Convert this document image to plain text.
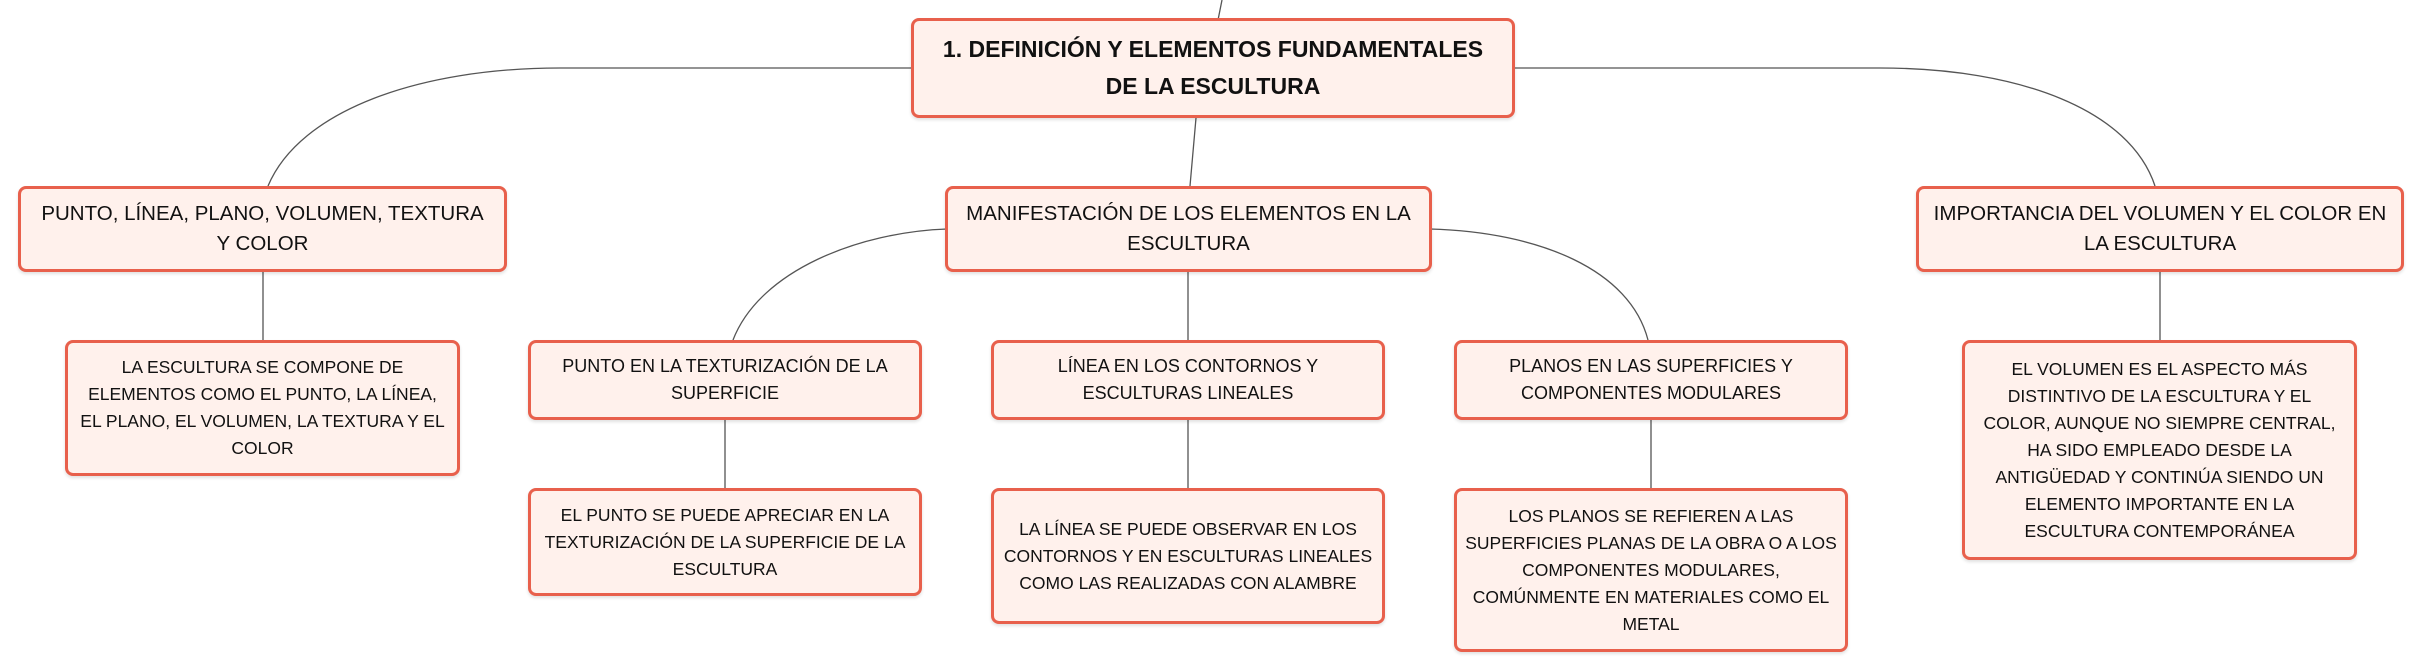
1. DEFINICIÓN Y ELEMENTOS FUNDAMENTALES DE LA ESCULTURA
PUNTO, LÍNEA, PLANO, VOLUMEN, TEXTURA Y COLOR
MANIFESTACIÓN DE LOS ELEMENTOS EN LA ESCULTURA
IMPORTANCIA DEL VOLUMEN Y EL COLOR EN LA ESCULTURA
PUNTO EN LA TEXTURIZACIÓN DE LA SUPERFICIE
LÍNEA EN LOS CONTORNOS Y ESCULTURAS LINEALES
PLANOS EN LAS SUPERFICIES Y COMPONENTES MODULARES
LA ESCULTURA SE COMPONE DE ELEMENTOS COMO EL PUNTO, LA LÍNEA, EL PLANO, EL VOLUMEN, LA TEXTURA Y EL COLOR
EL VOLUMEN ES EL ASPECTO MÁS DISTINTIVO DE LA ESCULTURA Y EL COLOR, AUNQUE NO SIEMPRE CENTRAL, HA SIDO EMPLEADO DESDE LA ANTIGÜEDAD Y CONTINÚA SIENDO UN ELEMENTO IMPORTANTE EN LA ESCULTURA CONTEMPORÁNEA
EL PUNTO SE PUEDE APRECIAR EN LA TEXTURIZACIÓN DE LA SUPERFICIE DE LA ESCULTURA
LA LÍNEA SE PUEDE OBSERVAR EN LOS CONTORNOS Y EN ESCULTURAS LINEALES COMO LAS REALIZADAS CON ALAMBRE
LOS PLANOS SE REFIEREN A LAS SUPERFICIES PLANAS DE LA OBRA O A LOS COMPONENTES MODULARES, COMÚNMENTE EN MATERIALES COMO EL METAL
